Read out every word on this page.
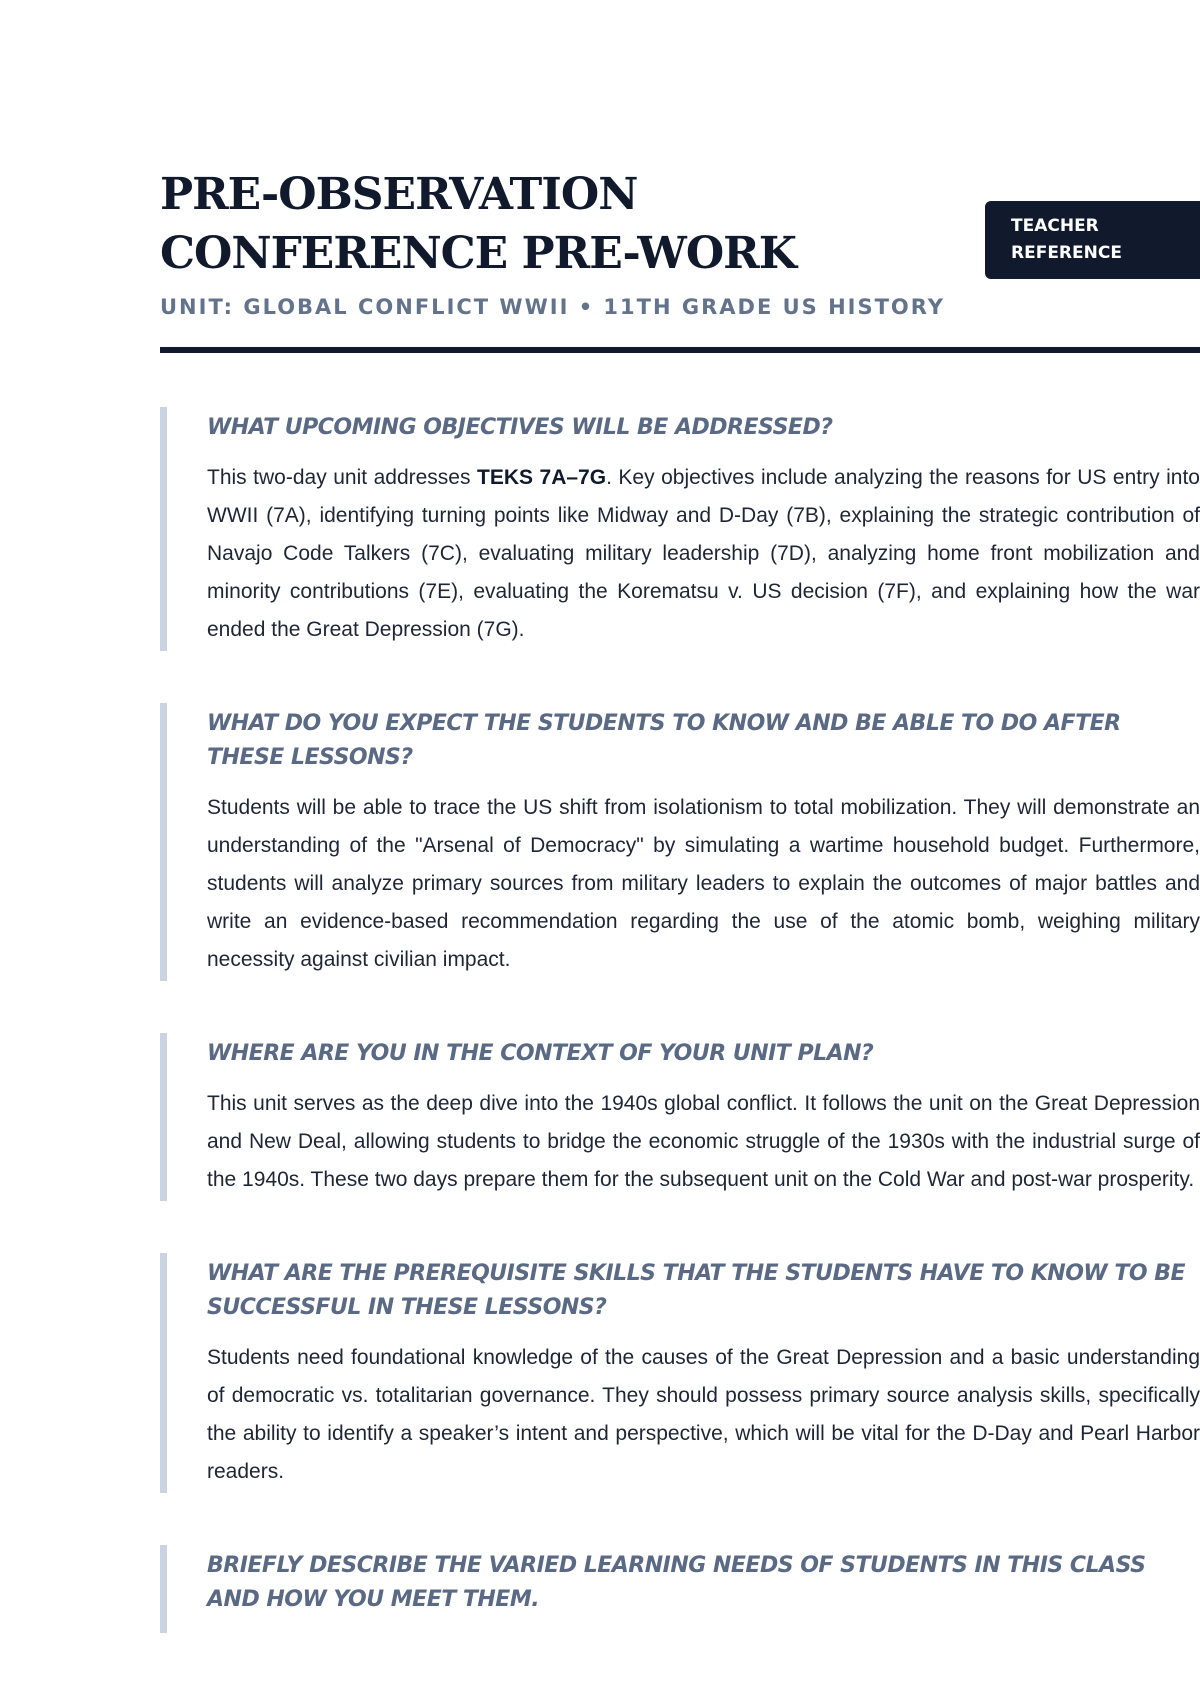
PRE-OBSERVATION CONFERENCE PRE-WORK
UNIT: GLOBAL CONFLICT WWII • 11TH GRADE US HISTORY
TEACHER REFERENCE
WHAT UPCOMING OBJECTIVES WILL BE ADDRESSED?

This two-day unit addresses TEKS 7A–7G. Key objectives include analyzing the reasons for US entry into WWII (7A), identifying turning points like Midway and D-Day (7B), explaining the strategic contribution of Navajo Code Talkers (7C), evaluating military leadership (7D), analyzing home front mobilization and minority contributions (7E), evaluating the Korematsu v. US decision (7F), and explaining how the war ended the Great Depression (7G).

WHAT DO YOU EXPECT THE STUDENTS TO KNOW AND BE ABLE TO DO AFTER THESE LESSONS?

Students will be able to trace the US shift from isolationism to total mobilization. They will demonstrate an understanding of the "Arsenal of Democracy" by simulating a wartime household budget. Furthermore, students will analyze primary sources from military leaders to explain the outcomes of major battles and write an evidence-based recommendation regarding the use of the atomic bomb, weighing military necessity against civilian impact.

WHERE ARE YOU IN THE CONTEXT OF YOUR UNIT PLAN?

This unit serves as the deep dive into the 1940s global conflict. It follows the unit on the Great Depression and New Deal, allowing students to bridge the economic struggle of the 1930s with the industrial surge of the 1940s. These two days prepare them for the subsequent unit on the Cold War and post-war prosperity.

WHAT ARE THE PREREQUISITE SKILLS THAT THE STUDENTS HAVE TO KNOW TO BE SUCCESSFUL IN THESE LESSONS?

Students need foundational knowledge of the causes of the Great Depression and a basic understanding of democratic vs. totalitarian governance. They should possess primary source analysis skills, specifically the ability to identify a speaker’s intent and perspective, which will be vital for the D-Day and Pearl Harbor readers.

BRIEFLY DESCRIBE THE VARIED LEARNING NEEDS OF STUDENTS IN THIS CLASS AND HOW YOU MEET THEM.
